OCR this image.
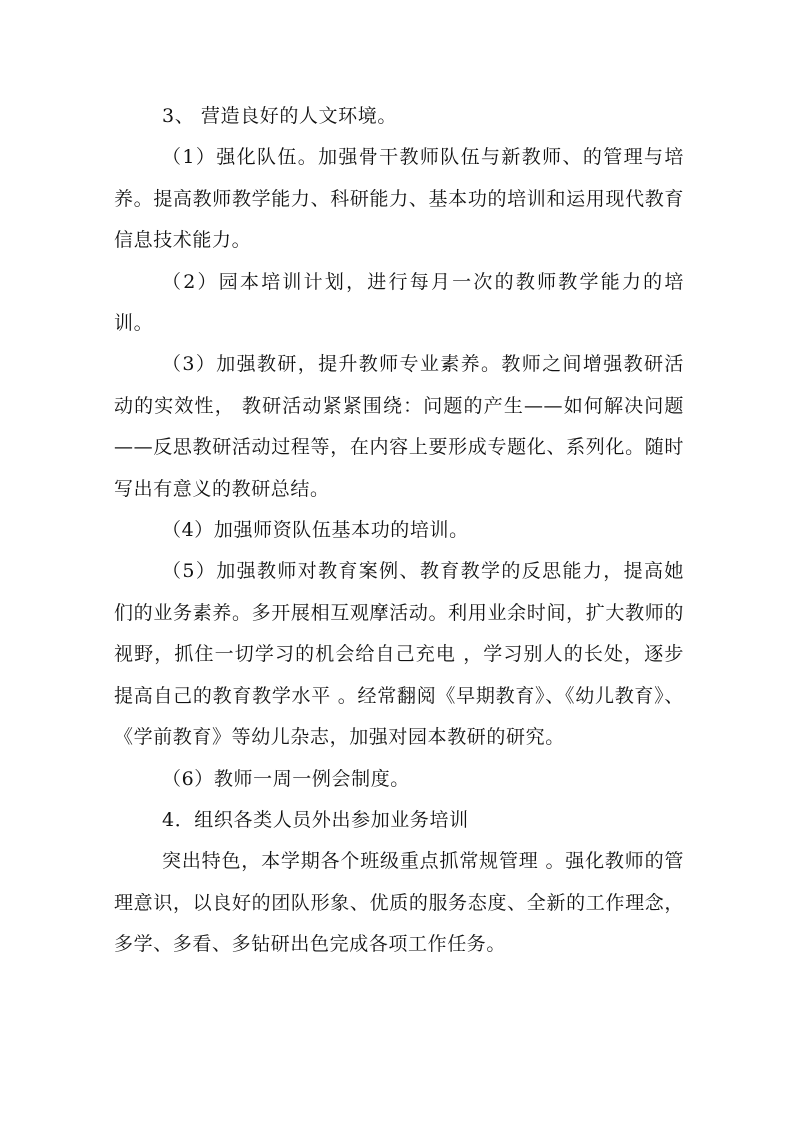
3、 营造良好的人文环境。

（1）强化队伍。加强骨干教师队伍与新教师、的管理与培养。提高教师教学能力、科研能力、基本功的培训和运用现代教育信息技术能力。

（2）园本培训计划，进行每月一次的教师教学能力的培训。

（3）加强教研，提升教师专业素养。教师之间增强教研活动的实效性， 教研活动紧紧围绕：问题的产生——如何解决问题——反思教研活动过程等，在内容上要形成专题化、系列化。随时写出有意义的教研总结。

（4）加强师资队伍基本功的培训。

（5）加强教师对教育案例、教育教学的反思能力，提高她们的业务素养。多开展相互观摩活动。利用业余时间，扩大教师的视野，抓住一切学习的机会给自己充电 ，学习别人的长处，逐步提高自己的教育教学水平 。经常翻阅《早期教育》、《幼儿教育》、《学前教育》等幼儿杂志，加强对园本教研的研究。

（6）教师一周一例会制度。

4．组织各类人员外出参加业务培训

突出特色，本学期各个班级重点抓常规管理 。强化教师的管理意识，以良好的团队形象、优质的服务态度、全新的工作理念，多学、多看、多钻研出色完成各项工作任务。
